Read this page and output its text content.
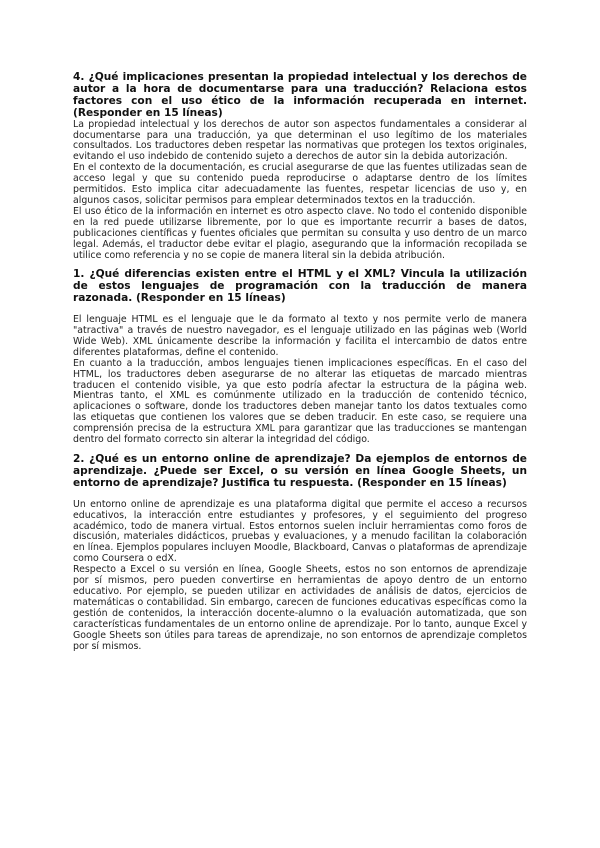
4. ¿Qué implicaciones presentan la propiedad intelectual y los derechos de autor a la hora de documentarse para una traducción? Relaciona estos factores con el uso ético de la información recuperada en internet. (Responder en 15 líneas)
La propiedad intelectual y los derechos de autor son aspectos fundamentales a considerar al documentarse para una traducción, ya que determinan el uso legítimo de los materiales consultados. Los traductores deben respetar las normativas que protegen los textos originales, evitando el uso indebido de contenido sujeto a derechos de autor sin la debida autorización.
En el contexto de la documentación, es crucial asegurarse de que las fuentes utilizadas sean de acceso legal y que su contenido pueda reproducirse o adaptarse dentro de los límites permitidos. Esto implica citar adecuadamente las fuentes, respetar licencias de uso y, en algunos casos, solicitar permisos para emplear determinados textos en la traducción.
El uso ético de la información en internet es otro aspecto clave. No todo el contenido disponible en la red puede utilizarse libremente, por lo que es importante recurrir a bases de datos, publicaciones científicas y fuentes oficiales que permitan su consulta y uso dentro de un marco legal. Además, el traductor debe evitar el plagio, asegurando que la información recopilada se utilice como referencia y no se copie de manera literal sin la debida atribución.
1. ¿Qué diferencias existen entre el HTML y el XML? Vincula la utilización de estos lenguajes de programación con la traducción de manera razonada. (Responder en 15 líneas)
El lenguaje HTML es el lenguaje que le da formato al texto y nos permite verlo de manera "atractiva" a través de nuestro navegador, es el lenguaje utilizado en las páginas web (World Wide Web). XML únicamente describe la información y facilita el intercambio de datos entre diferentes plataformas, define el contenido.
En cuanto a la traducción, ambos lenguajes tienen implicaciones específicas. En el caso del HTML, los traductores deben asegurarse de no alterar las etiquetas de marcado mientras traducen el contenido visible, ya que esto podría afectar la estructura de la página web. Mientras tanto, el XML es comúnmente utilizado en la traducción de contenido técnico, aplicaciones o software, donde los traductores deben manejar tanto los datos textuales como las etiquetas que contienen los valores que se deben traducir. En este caso, se requiere una comprensión precisa de la estructura XML para garantizar que las traducciones se mantengan dentro del formato correcto sin alterar la integridad del código.
2. ¿Qué es un entorno online de aprendizaje? Da ejemplos de entornos de aprendizaje. ¿Puede ser Excel, o su versión en línea Google Sheets, un entorno de aprendizaje? Justifica tu respuesta. (Responder en 15 líneas)
Un entorno online de aprendizaje es una plataforma digital que permite el acceso a recursos educativos, la interacción entre estudiantes y profesores, y el seguimiento del progreso académico, todo de manera virtual. Estos entornos suelen incluir herramientas como foros de discusión, materiales didácticos, pruebas y evaluaciones, y a menudo facilitan la colaboración en línea. Ejemplos populares incluyen Moodle, Blackboard, Canvas o plataformas de aprendizaje como Coursera o edX.
Respecto a Excel o su versión en línea, Google Sheets, estos no son entornos de aprendizaje por sí mismos, pero pueden convertirse en herramientas de apoyo dentro de un entorno educativo. Por ejemplo, se pueden utilizar en actividades de análisis de datos, ejercicios de matemáticas o contabilidad. Sin embargo, carecen de funciones educativas específicas como la gestión de contenidos, la interacción docente-alumno o la evaluación automatizada, que son características fundamentales de un entorno online de aprendizaje. Por lo tanto, aunque Excel y Google Sheets son útiles para tareas de aprendizaje, no son entornos de aprendizaje completos por sí mismos.
